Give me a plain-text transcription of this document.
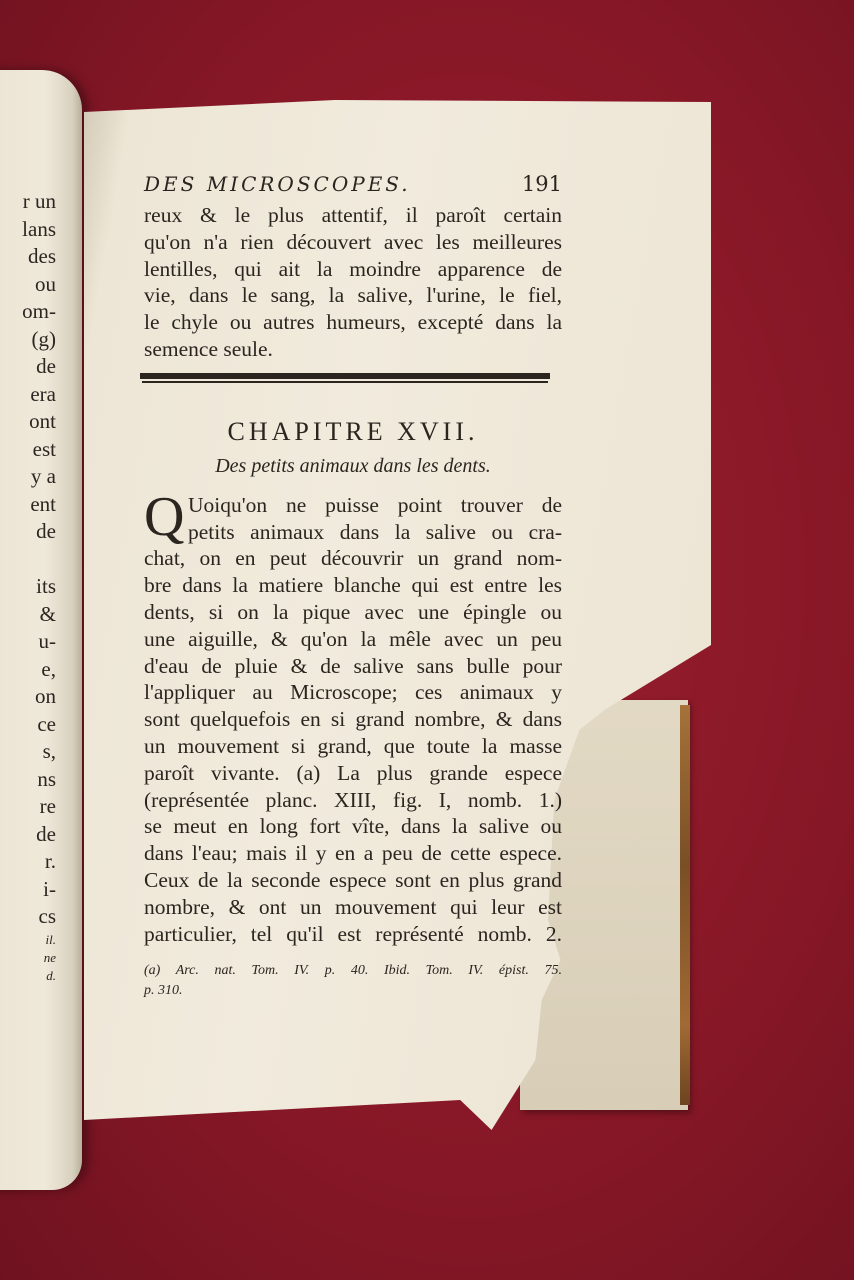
r un
lans
des
ou
om-
(g)
de
era
ont
est
y a
ent
de

its
&
u-
e,
on
ce
s,
ns
re
de
r.
i-
cs
il.
ne
d.
DES MICROSCOPES.	191
reux & le plus attentif, il paroît certain
qu'on n'a rien découvert avec les meilleures
lentilles, qui ait la moindre apparence de
vie, dans le sang, la salive, l'urine, le fiel,
le chyle ou autres humeurs, excepté dans la
semence seule.
CHAPITRE XVII.
Des petits animaux dans les dents.
Q Uoiqu'on ne puisse point trouver de
petits animaux dans la salive ou cra-
chat, on en peut découvrir un grand nom-
bre dans la matiere blanche qui est entre les
dents, si on la pique avec une épingle ou
une aiguille, & qu'on la mêle avec un peu
d'eau de pluie & de salive sans bulle pour
l'appliquer au Microscope; ces animaux y
sont quelquefois en si grand nombre, & dans
un mouvement si grand, que toute la masse
paroît vivante. (a) La plus grande espece
(représentée planc. XIII, fig. I, nomb. 1.)
se meut en long fort vîte, dans la salive ou
dans l'eau; mais il y en a peu de cette espece.
Ceux de la seconde espece sont en plus grand
nombre, & ont un mouvement qui leur est
particulier, tel qu'il est représenté nomb. 2.
(a) Arc. nat. Tom. IV. p. 40. Ibid. Tom. IV. épist. 75.
p. 310.
